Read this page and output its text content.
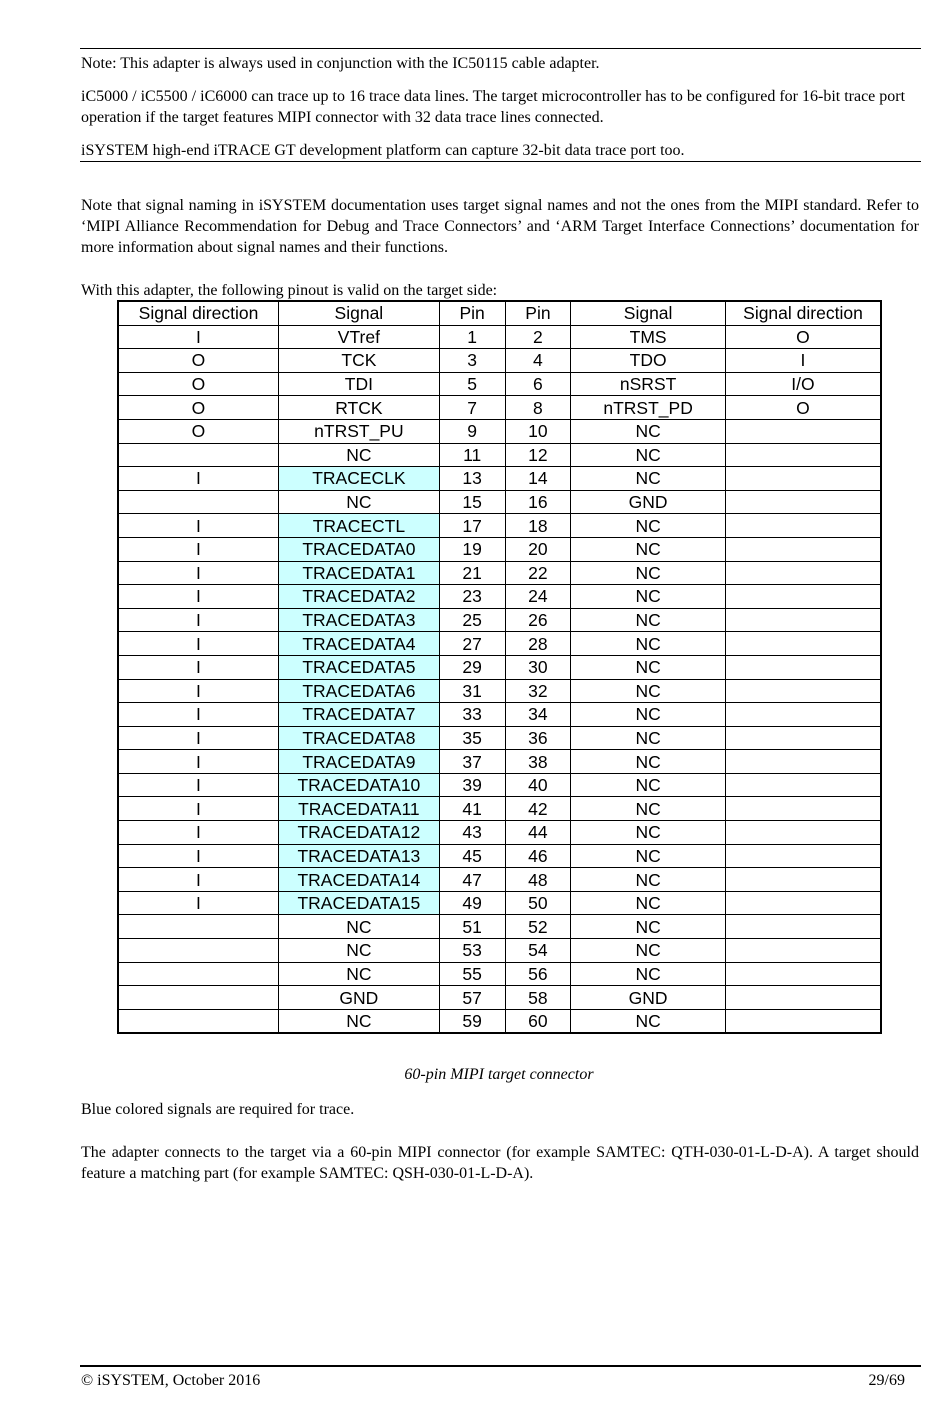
Note: This adapter is always used in conjunction with the IC50115 cable adapter.
iC5000 / iC5500 / iC6000 can trace up to 16 trace data lines. The target microcontroller has to be configured for 16-bit trace port operation if the target features MIPI connector with 32 data trace lines connected.
iSYSTEM high-end iTRACE GT development platform can capture 32-bit data trace port too.
Note that signal naming in iSYSTEM documentation uses target signal names and not the ones from the MIPI standard. Refer to ‘MIPI Alliance Recommendation for Debug and Trace Connectors’ and ‘ARM Target Interface Connections’ documentation for more information about signal names and their functions.
With this adapter, the following pinout is valid on the target side:
Signal direction	Signal	Pin	Pin	Signal	Signal direction
I	VTref	1	2	TMS	O
O	TCK	3	4	TDO	I
O	TDI	5	6	nSRST	I/O
O	RTCK	7	8	nTRST_PD	O
O	nTRST_PU	9	10	NC	
	NC	11	12	NC	
I	TRACECLK	13	14	NC	
	NC	15	16	GND	
I	TRACECTL	17	18	NC	
I	TRACEDATA0	19	20	NC	
I	TRACEDATA1	21	22	NC	
I	TRACEDATA2	23	24	NC	
I	TRACEDATA3	25	26	NC	
I	TRACEDATA4	27	28	NC	
I	TRACEDATA5	29	30	NC	
I	TRACEDATA6	31	32	NC	
I	TRACEDATA7	33	34	NC	
I	TRACEDATA8	35	36	NC	
I	TRACEDATA9	37	38	NC	
I	TRACEDATA10	39	40	NC	
I	TRACEDATA11	41	42	NC	
I	TRACEDATA12	43	44	NC	
I	TRACEDATA13	45	46	NC	
I	TRACEDATA14	47	48	NC	
I	TRACEDATA15	49	50	NC	
	NC	51	52	NC	
	NC	53	54	NC	
	NC	55	56	NC	
	GND	57	58	GND	
	NC	59	60	NC	
60-pin MIPI target connector
Blue colored signals are required for trace.
The adapter connects to the target via a 60-pin MIPI connector (for example SAMTEC: QTH-030-01-L-D-A). A target should feature a matching part (for example SAMTEC: QSH-030-01-L-D-A).
© iSYSTEM, October 2016	29/69
